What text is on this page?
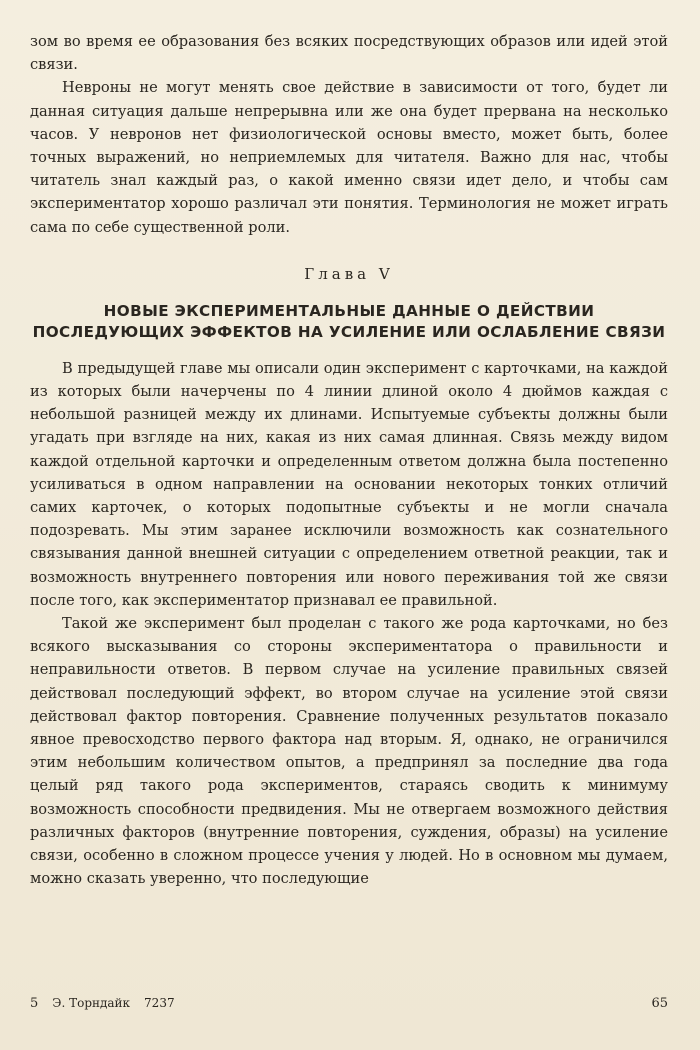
зом во время ее образования без всяких посредствующих образов или идей этой связи.

Невроны не могут менять свое действие в зависимости от того, будет ли данная ситуация дальше непрерывна или же она будет прервана на несколько часов. У невронов нет физиологической основы вместо, может быть, более точных выражений, но неприемлемых для читателя. Важно для нас, чтобы читатель знал каждый раз, о какой именно связи идет дело, и чтобы сам экспериментатор хорошо различал эти понятия. Терминология не может играть сама по себе существенной роли.

Глава V
НОВЫЕ ЭКСПЕРИМЕНТАЛЬНЫЕ ДАННЫЕ О ДЕЙСТВИИ ПОСЛЕДУЮЩИХ ЭФФЕКТОВ НА УСИЛЕНИЕ ИЛИ ОСЛАБЛЕНИЕ СВЯЗИ

В предыдущей главе мы описали один эксперимент с карточками, на каждой из которых были начерчены по 4 линии длиной около 4 дюймов каждая с небольшой разницей между их длинами. Испытуемые субъекты должны были угадать при взгляде на них, какая из них самая длинная. Связь между видом каждой отдельной карточки и определенным ответом должна была постепенно усиливаться в одном направлении на основании некоторых тонких отличий самих карточек, о которых подопытные субъекты и не могли сначала подозревать. Мы этим заранее исключили возможность как сознательного связывания данной внешней ситуации с определением ответной реакции, так и возможность внутреннего повторения или нового переживания той же связи после того, как экспериментатор признавал ее правильной.

Такой же эксперимент был проделан с такого же рода карточками, но без всякого высказывания со стороны экспериментатора о правильности и неправильности ответов. В первом случае на усиление правильных связей действовал последующий эффект, во втором случае на усиление этой связи действовал фактор повторения. Сравнение полученных результатов показало явное превосходство первого фактора над вторым. Я, однако, не ограничился этим небольшим количеством опытов, а предпринял за последние два года целый ряд такого рода экспериментов, стараясь сводить к минимуму возможность способности предвидения. Мы не отвергаем возможного действия различных факторов (внутренние повторения, суждения, образы) на усиление связи, особенно в сложном процессе учения у людей. Но в основном мы думаем, можно сказать уверенно, что последующие

5 Э. Торндайк 7237	65
